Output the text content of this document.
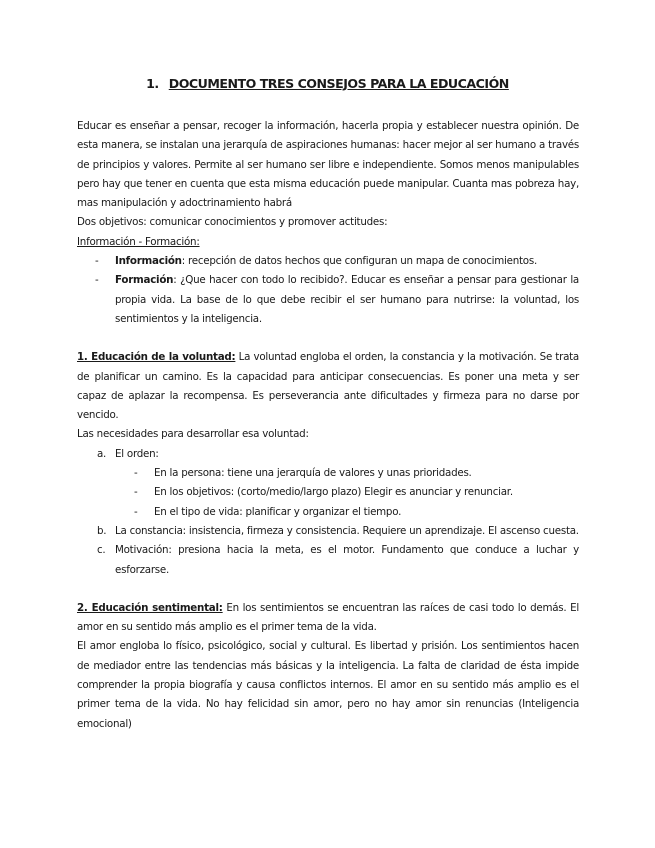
1. DOCUMENTO TRES CONSEJOS PARA LA EDUCACIÓN

Educar es enseñar a pensar, recoger la información, hacerla propia y establecer nuestra opinión. De esta manera, se instalan una jerarquía de aspiraciones humanas: hacer mejor al ser humano a través de principios y valores. Permite al ser humano ser libre e independiente. Somos menos manipulables pero hay que tener en cuenta que esta misma educación puede manipular. Cuanta mas pobreza hay, mas manipulación y adoctrinamiento habrá

Dos objetivos: comunicar conocimientos y promover actitudes:

Información - Formación:

- Información: recepción de datos hechos que configuran un mapa de conocimientos.
- Formación: ¿Que hacer con todo lo recibido?. Educar es enseñar a pensar para gestionar la propia vida. La base de lo que debe recibir el ser humano para nutrirse: la voluntad, los sentimientos y la inteligencia.

1. Educación de la voluntad: La voluntad engloba el orden, la constancia y la motivación. Se trata de planificar un camino. Es la capacidad para anticipar consecuencias. Es poner una meta y ser capaz de aplazar la recompensa. Es perseverancia ante dificultades y firmeza para no darse por vencido.

Las necesidades para desarrollar esa voluntad:

a. El orden:
- En la persona: tiene una jerarquía de valores y unas prioridades.
- En los objetivos: (corto/medio/largo plazo) Elegir es anunciar y renunciar.
- En el tipo de vida: planificar y organizar el tiempo.
b. La constancia: insistencia, firmeza y consistencia. Requiere un aprendizaje. El ascenso cuesta.
c. Motivación: presiona hacia la meta, es el motor. Fundamento que conduce a luchar y esforzarse.

2. Educación sentimental: En los sentimientos se encuentran las raíces de casi todo lo demás. El amor en su sentido más amplio es el primer tema de la vida.

El amor engloba lo físico, psicológico, social y cultural. Es libertad y prisión. Los sentimientos hacen de mediador entre las tendencias más básicas y la inteligencia. La falta de claridad de ésta impide comprender la propia biografía y causa conflictos internos. El amor en su sentido más amplio es el primer tema de la vida. No hay felicidad sin amor, pero no hay amor sin renuncias (Inteligencia emocional)
